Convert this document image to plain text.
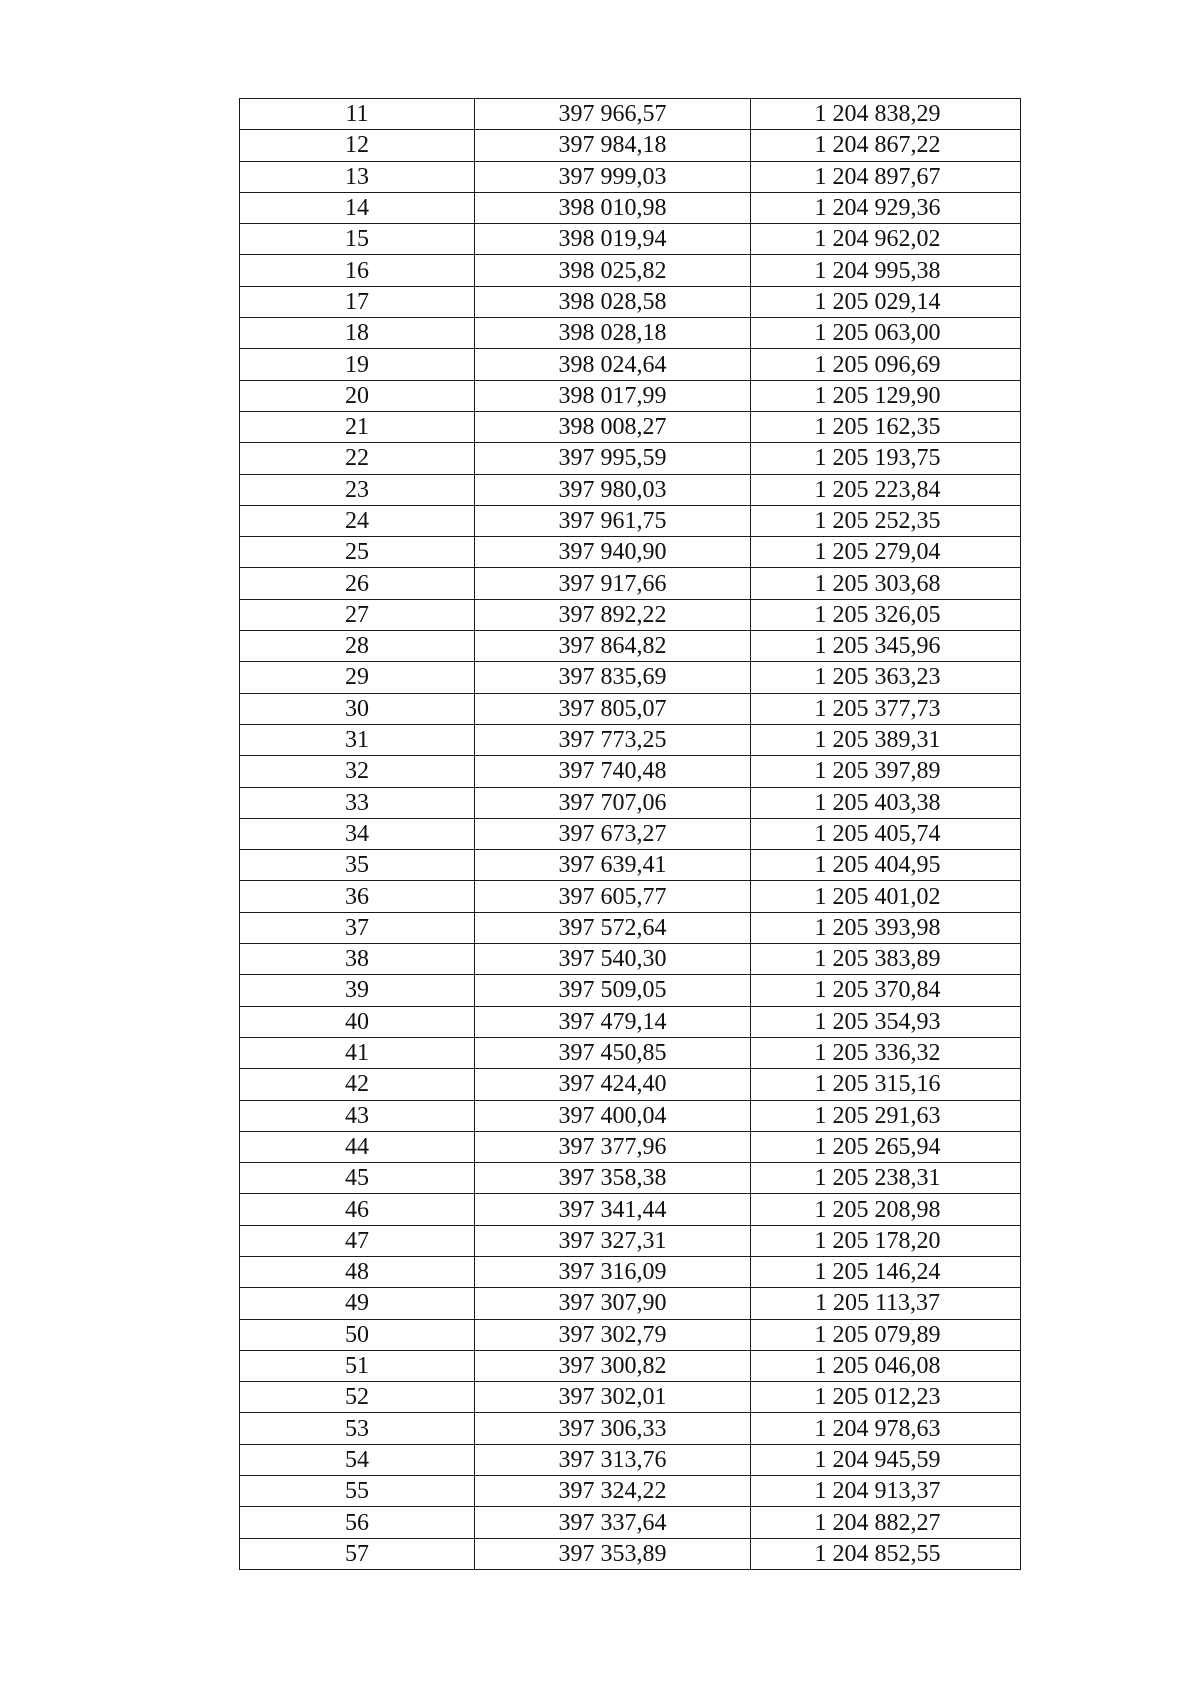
11	397 966,57	1 204 838,29
12	397 984,18	1 204 867,22
13	397 999,03	1 204 897,67
14	398 010,98	1 204 929,36
15	398 019,94	1 204 962,02
16	398 025,82	1 204 995,38
17	398 028,58	1 205 029,14
18	398 028,18	1 205 063,00
19	398 024,64	1 205 096,69
20	398 017,99	1 205 129,90
21	398 008,27	1 205 162,35
22	397 995,59	1 205 193,75
23	397 980,03	1 205 223,84
24	397 961,75	1 205 252,35
25	397 940,90	1 205 279,04
26	397 917,66	1 205 303,68
27	397 892,22	1 205 326,05
28	397 864,82	1 205 345,96
29	397 835,69	1 205 363,23
30	397 805,07	1 205 377,73
31	397 773,25	1 205 389,31
32	397 740,48	1 205 397,89
33	397 707,06	1 205 403,38
34	397 673,27	1 205 405,74
35	397 639,41	1 205 404,95
36	397 605,77	1 205 401,02
37	397 572,64	1 205 393,98
38	397 540,30	1 205 383,89
39	397 509,05	1 205 370,84
40	397 479,14	1 205 354,93
41	397 450,85	1 205 336,32
42	397 424,40	1 205 315,16
43	397 400,04	1 205 291,63
44	397 377,96	1 205 265,94
45	397 358,38	1 205 238,31
46	397 341,44	1 205 208,98
47	397 327,31	1 205 178,20
48	397 316,09	1 205 146,24
49	397 307,90	1 205 113,37
50	397 302,79	1 205 079,89
51	397 300,82	1 205 046,08
52	397 302,01	1 205 012,23
53	397 306,33	1 204 978,63
54	397 313,76	1 204 945,59
55	397 324,22	1 204 913,37
56	397 337,64	1 204 882,27
57	397 353,89	1 204 852,55
